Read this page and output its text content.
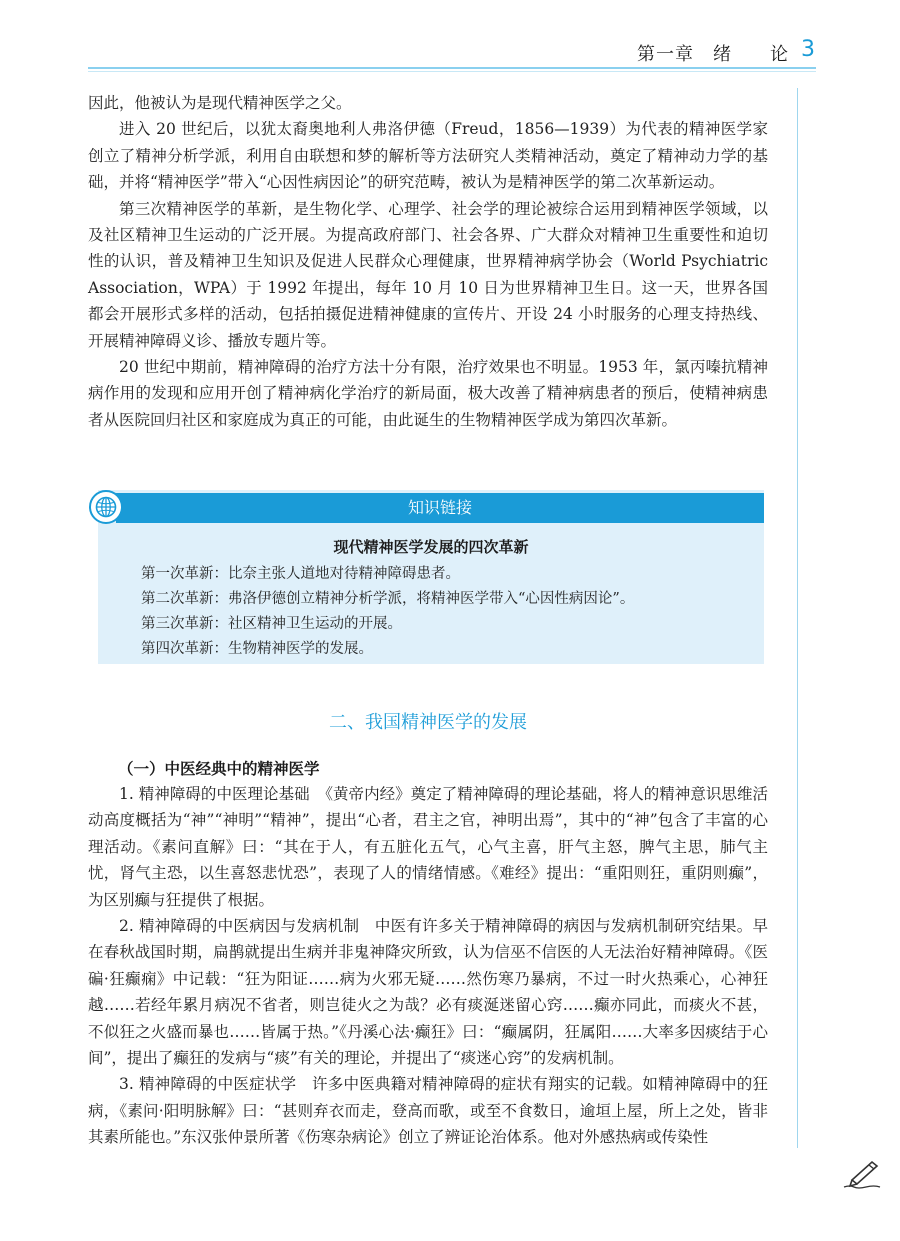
第一章　绪　　论 3

因此，他被认为是现代精神医学之父。

进入 20 世纪后，以犹太裔奥地利人弗洛伊德（Freud，1856—1939）为代表的精神医学家创立了精神分析学派，利用自由联想和梦的解析等方法研究人类精神活动，奠定了精神动力学的基础，并将“精神医学”带入“心因性病因论”的研究范畴，被认为是精神医学的第二次革新运动。

第三次精神医学的革新，是生物化学、心理学、社会学的理论被综合运用到精神医学领域，以及社区精神卫生运动的广泛开展。为提高政府部门、社会各界、广大群众对精神卫生重要性和迫切性的认识，普及精神卫生知识及促进人民群众心理健康，世界精神病学协会（World Psychiatric Association，WPA）于 1992 年提出，每年 10 月 10 日为世界精神卫生日。这一天，世界各国都会开展形式多样的活动，包括拍摄促进精神健康的宣传片、开设 24 小时服务的心理支持热线、开展精神障碍义诊、播放专题片等。

20 世纪中期前，精神障碍的治疗方法十分有限，治疗效果也不明显。1953 年，氯丙嗪抗精神病作用的发现和应用开创了精神病化学治疗的新局面，极大改善了精神病患者的预后，使精神病患者从医院回归社区和家庭成为真正的可能，由此诞生的生物精神医学成为第四次革新。

知识链接
现代精神医学发展的四次革新
第一次革新：比奈主张人道地对待精神障碍患者。
第二次革新：弗洛伊德创立精神分析学派，将精神医学带入“心因性病因论”。
第三次革新：社区精神卫生运动的开展。
第四次革新：生物精神医学的发展。
二、我国精神医学的发展
（一）中医经典中的精神医学

1. 精神障碍的中医理论基础　《黄帝内经》奠定了精神障碍的理论基础，将人的精神意识思维活动高度概括为“神”“神明”“精神”，提出“心者，君主之官，神明出焉”，其中的“神”包含了丰富的心理活动。《素问直解》曰：“其在于人，有五脏化五气，心气主喜，肝气主怒，脾气主思，肺气主忧，肾气主恐，以生喜怒悲忧恐”，表现了人的情绪情感。《难经》提出：“重阳则狂，重阴则癫”，为区别癫与狂提供了根据。

2. 精神障碍的中医病因与发病机制　中医有许多关于精神障碍的病因与发病机制研究结果。早在春秋战国时期，扁鹊就提出生病并非鬼神降灾所致，认为信巫不信医的人无法治好精神障碍。《医碥·狂癫痫》中记载：“狂为阳证……病为火邪无疑……然伤寒乃暴病，不过一时火热乘心，心神狂越……若经年累月病况不省者，则岂徒火之为哉？必有痰涎迷留心窍……癫亦同此，而痰火不甚，不似狂之火盛而暴也……皆属于热。”《丹溪心法·癫狂》曰：“癫属阴，狂属阳……大率多因痰结于心间”，提出了癫狂的发病与“痰”有关的理论，并提出了“痰迷心窍”的发病机制。

3. 精神障碍的中医症状学　许多中医典籍对精神障碍的症状有翔实的记载。如精神障碍中的狂病，《素问·阳明脉解》曰：“甚则弃衣而走，登高而歌，或至不食数日，逾垣上屋，所上之处，皆非其素所能也。”东汉张仲景所著《伤寒杂病论》创立了辨证论治体系。他对外感热病或传染性
